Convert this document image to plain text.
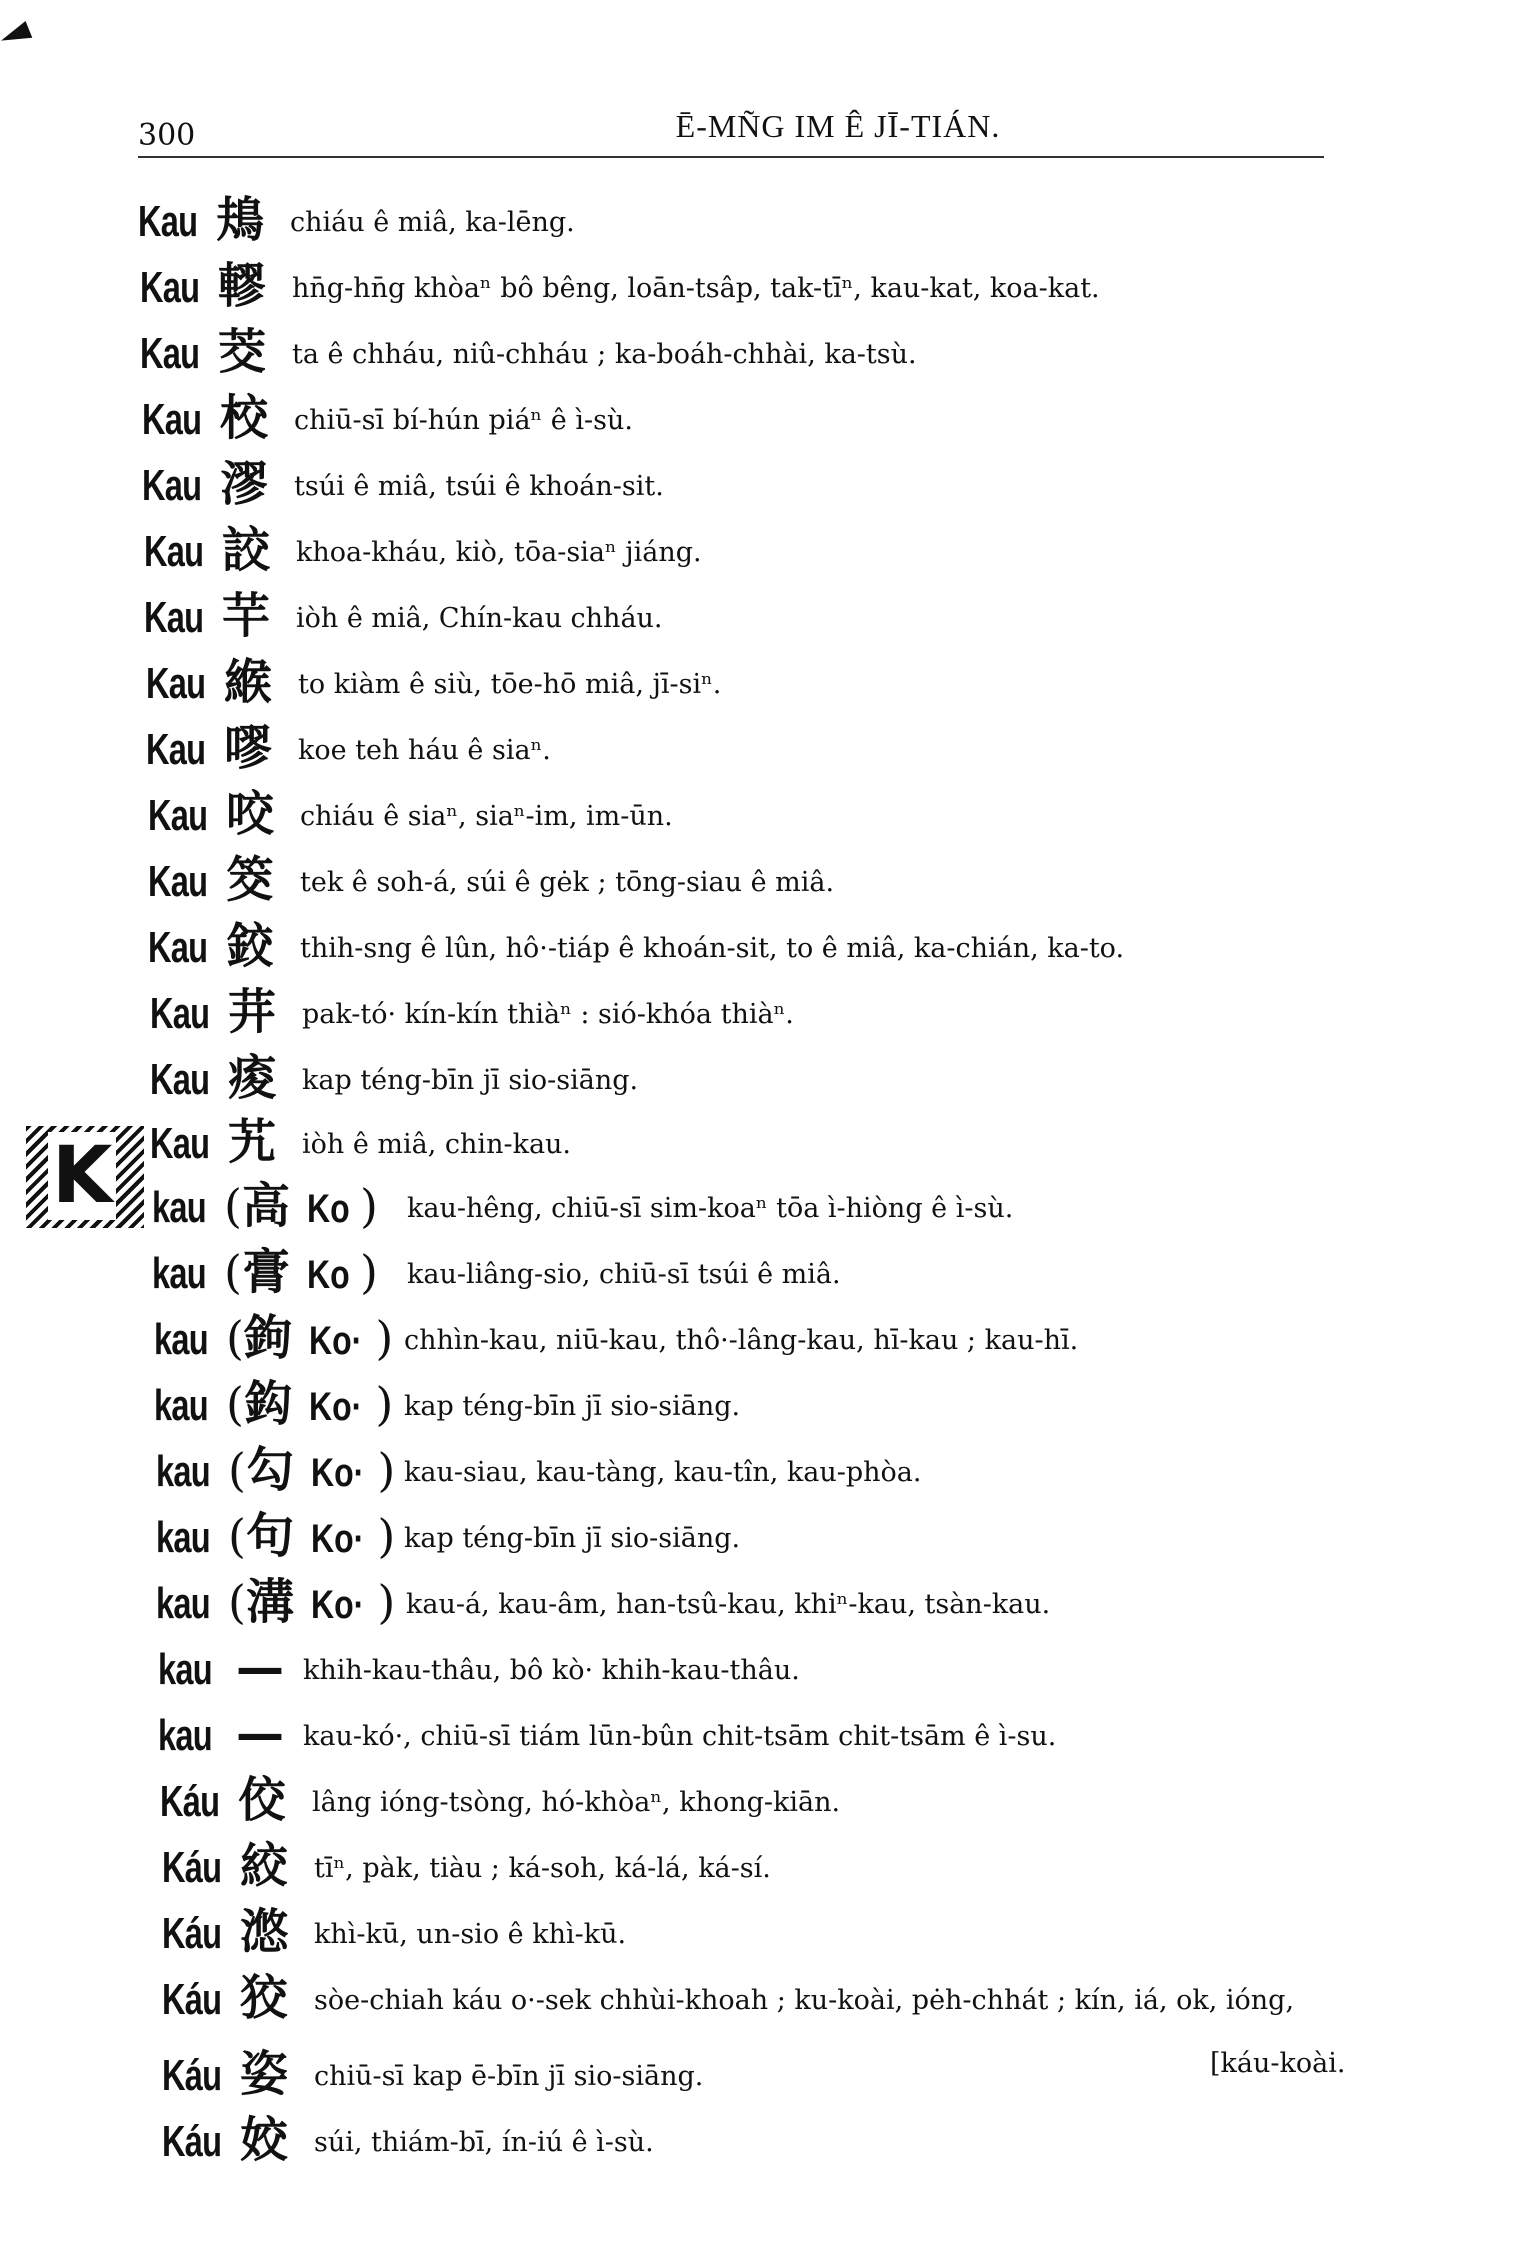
300	Ē-MÑG IM Ê JĪ-TIÁN.
K
Kau 鳺 chiáu ê miâ, ka-lēng.
Kau 轇 hn̄g-hn̄g khòaⁿ bô bêng, loān-tsâp, tak-tīⁿ, kau-kat, koa-kat.
Kau 茭 ta ê chháu, niû-chháu ; ka-boáh-chhài, ka-tsù.
Kau 校 chiū-sī bí-hún piáⁿ ê ì-sù.
Kau 漻 tsúi ê miâ, tsúi ê khoán-sit.
Kau 詨 khoa-kháu, kiò, tōa-siaⁿ jiáng.
Kau 芉 iòh ê miâ, Chín-kau chháu.
Kau 緱 to kiàm ê siù, tōe-hō miâ, jī-siⁿ.
Kau 嘐 koe teh háu ê siaⁿ.
Kau 咬 chiáu ê siaⁿ, siaⁿ-im, im-ūn.
Kau 筊 tek ê soh-á, súi ê gėk ; tōng-siau ê miâ.
Kau 鉸 thih-sng ê lûn, hô·-tiáp ê khoán-sit, to ê miâ, ka-chián, ka-to.
Kau 茾 pak-tó· kín-kín thiàⁿ : sió-khóa thiàⁿ.
Kau 痠 kap téng-bīn jī sio-siāng.
Kau 艽 iòh ê miâ, chin-kau.
kau (高 Ko ) kau-hêng, chiū-sī sim-koaⁿ tōa ì-hiòng ê ì-sù.
kau (膏 Ko ) kau-liâng-sio, chiū-sī tsúi ê miâ.
kau (鉤 Ko· ) chhìn-kau, niū-kau, thô·-lâng-kau, hī-kau ; kau-hī.
kau (鈎 Ko· ) kap téng-bīn jī sio-siāng.
kau (勾 Ko· ) kau-siau, kau-tàng, kau-tîn, kau-phòa.
kau (句 Ko· ) kap téng-bīn jī sio-siāng.
kau (溝 Ko· ) kau-á, kau-âm, han-tsû-kau, khiⁿ-kau, tsàn-kau.
kau — khih-kau-thâu, bô kò· khih-kau-thâu.
kau — kau-kó·, chiū-sī tiám lūn-bûn chit-tsām chit-tsām ê ì-su.
Káu 佼 lâng ióng-tsòng, hó-khòaⁿ, khong-kiān.
Káu 絞 tīⁿ, pàk, tiàu ; ká-soh, ká-lá, ká-sí.
Káu 滺 khì-kū, un-sio ê khì-kū.
Káu 狡 sòe-chiah káu o·-sek chhùi-khoah ; ku-koài, pėh-chhát ; kín, iá, ok, ióng,
Káu 姿 chiū-sī kap ē-bīn jī sio-siāng.
Káu 姣 súi, thiám-bī, ín-iú ê ì-sù.
[káu-koài.
